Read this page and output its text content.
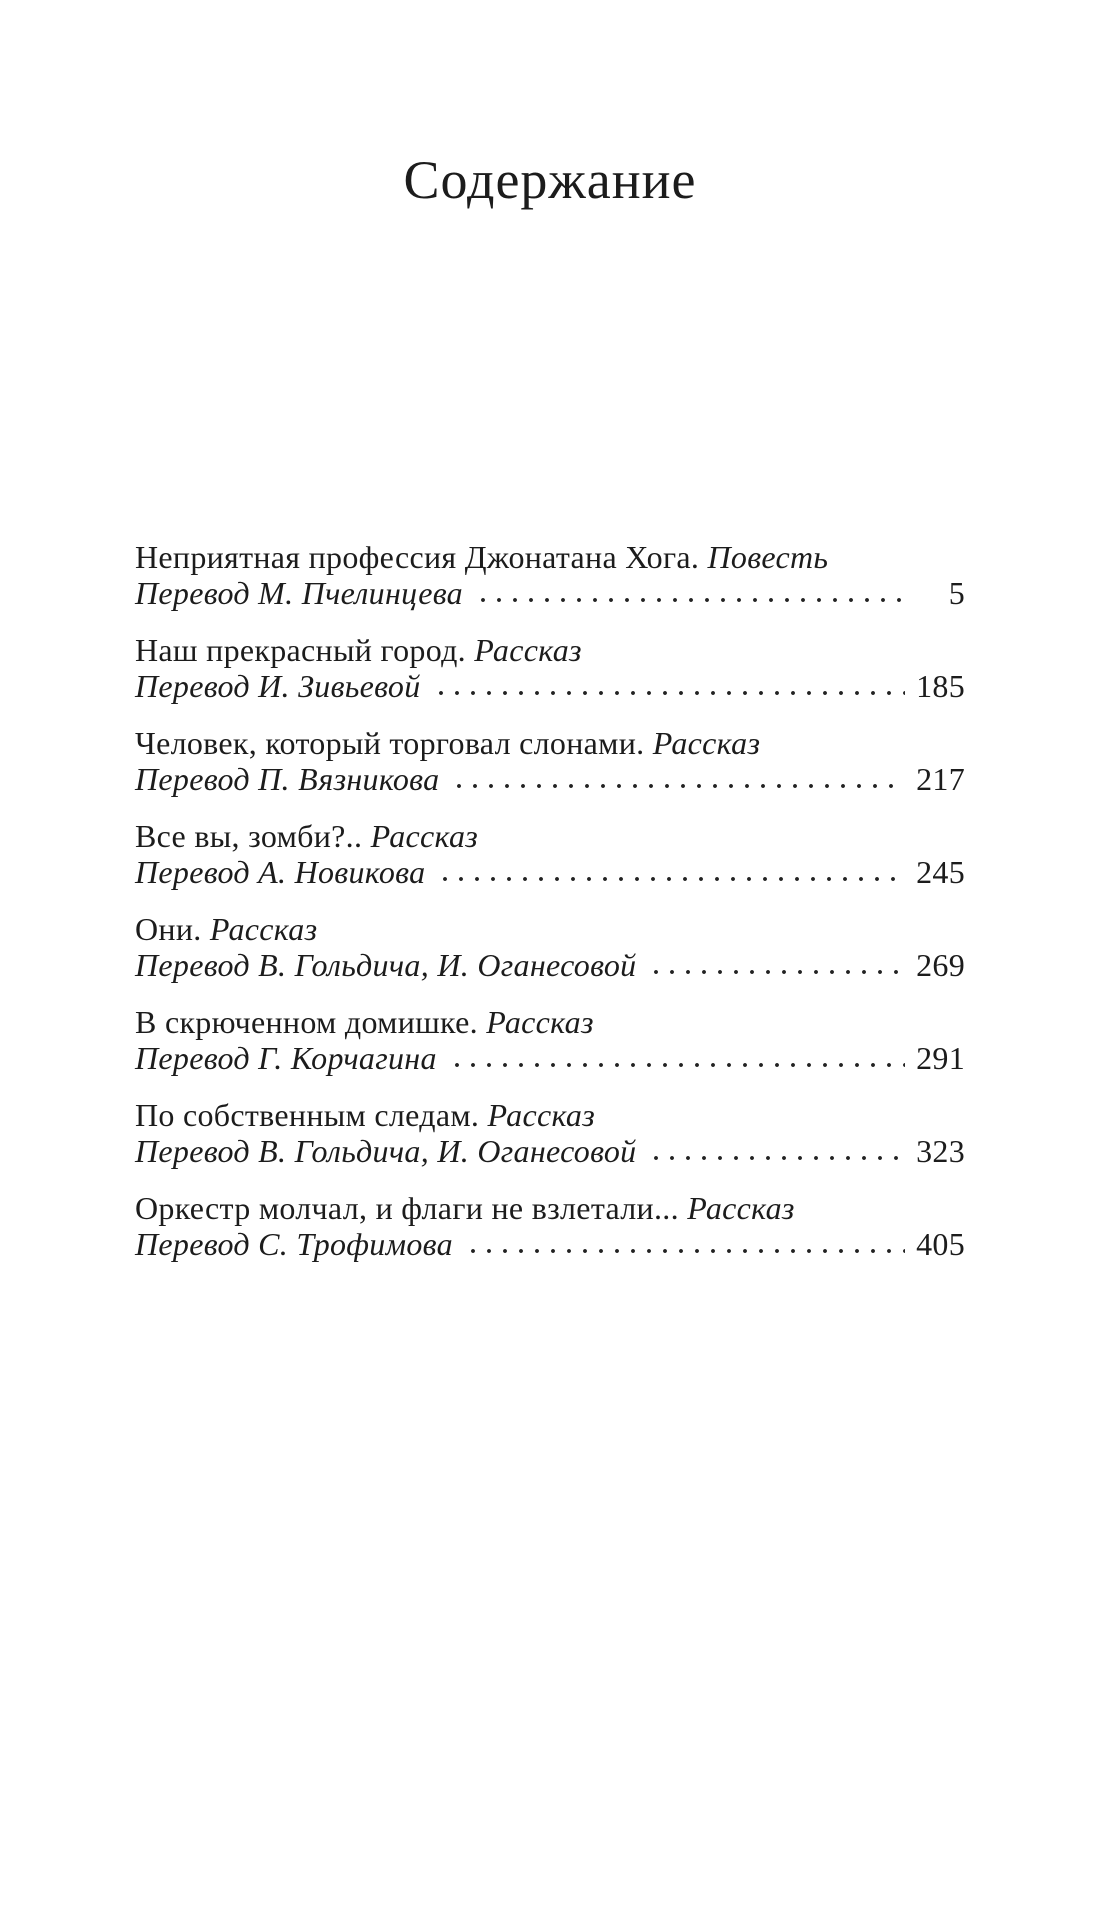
Содержание
Неприятная профессия Джонатана Хога. Повесть
Перевод М. Пчелинцева	5
Наш прекрасный город. Рассказ
Перевод И. Зивьевой	185
Человек, который торговал слонами. Рассказ
Перевод П. Вязникова	217
Все вы, зомби?.. Рассказ
Перевод А. Новикова	245
Они. Рассказ
Перевод В. Гольдича, И. Оганесовой	269
В скрюченном домишке. Рассказ
Перевод Г. Корчагина	291
По собственным следам. Рассказ
Перевод В. Гольдича, И. Оганесовой	323
Оркестр молчал, и флаги не взлетали... Рассказ
Перевод С. Трофимова	405
